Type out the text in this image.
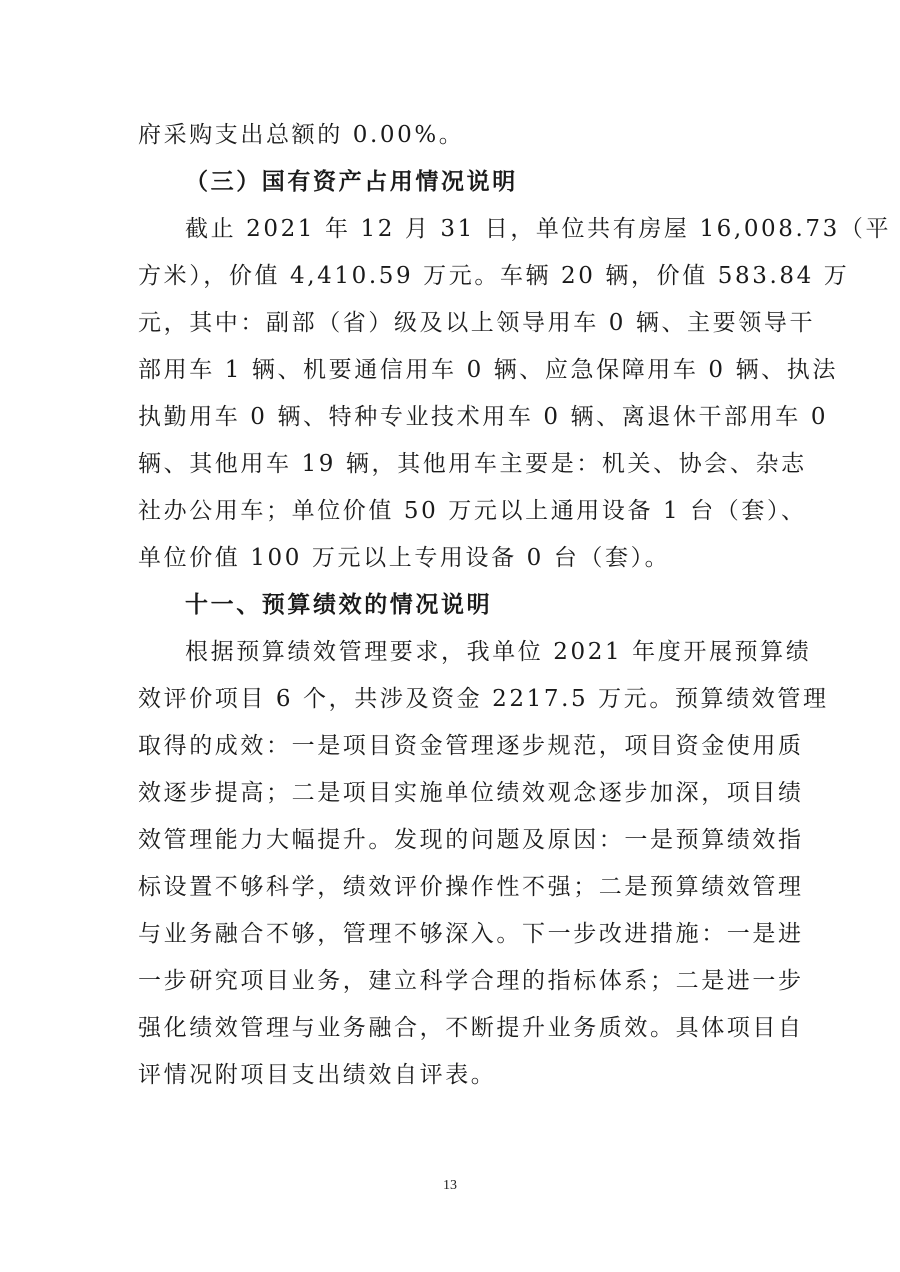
府采购支出总额的 0.00%。
（三）国有资产占用情况说明
截止 2021 年 12 月 31 日，单位共有房屋 16,008.73（平
方米），价值 4,410.59 万元。车辆 20 辆，价值 583.84 万
元，其中：副部（省）级及以上领导用车 0 辆、主要领导干
部用车 1 辆、机要通信用车 0 辆、应急保障用车 0 辆、执法
执勤用车 0 辆、特种专业技术用车 0 辆、离退休干部用车 0
辆、其他用车 19 辆，其他用车主要是：机关、协会、杂志
社办公用车；单位价值 50 万元以上通用设备 1 台（套）、
单位价值 100 万元以上专用设备 0 台（套）。
十一、预算绩效的情况说明
根据预算绩效管理要求，我单位 2021 年度开展预算绩
效评价项目 6 个，共涉及资金 2217.5 万元。预算绩效管理
取得的成效：一是项目资金管理逐步规范，项目资金使用质
效逐步提高；二是项目实施单位绩效观念逐步加深，项目绩
效管理能力大幅提升。发现的问题及原因：一是预算绩效指
标设置不够科学，绩效评价操作性不强；二是预算绩效管理
与业务融合不够，管理不够深入。下一步改进措施：一是进
一步研究项目业务，建立科学合理的指标体系；二是进一步
强化绩效管理与业务融合，不断提升业务质效。具体项目自
评情况附项目支出绩效自评表。
13
